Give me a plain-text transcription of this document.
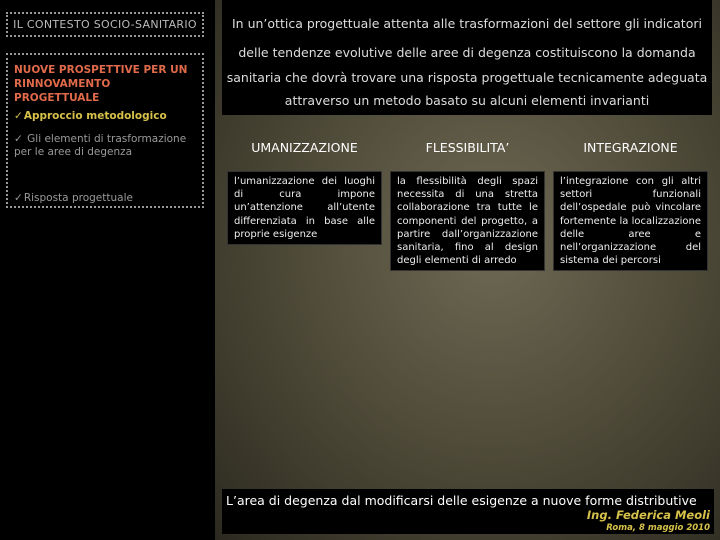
IL CONTESTO SOCIO-SANITARIO
NUOVE PROSPETTIVE PER UN RINNOVAMENTO PROGETTUALE
✓Approccio metodologico
✓ Gli elementi di trasformazione per le aree di degenza
✓Risposta progettuale
In un’ottica progettuale attenta alle trasformazioni del settore gli indicatori
delle tendenze evolutive delle aree di degenza costituiscono la domanda
sanitaria che dovrà trovare una risposta progettuale tecnicamente adeguata
attraverso un metodo basato su alcuni elementi invarianti
UMANIZZAZIONE	FLESSIBILITA’	INTEGRAZIONE
l’umanizzazione dei luoghi di cura impone un’attenzione all’utente differenziata in base alle proprie esigenze
la flessibilità degli spazi necessita di una stretta collaborazione tra tutte le componenti del progetto, a partire dall’organizzazione sanitaria, fino al design degli elementi di arredo
l’integrazione con gli altri settori funzionali dell’ospedale può vincolare fortemente la localizzazione delle aree e nell’organizzazione del sistema dei percorsi
L’area di degenza dal modificarsi delle esigenze a nuove forme distributive
Ing. Federica Meoli
Roma, 8 maggio 2010
